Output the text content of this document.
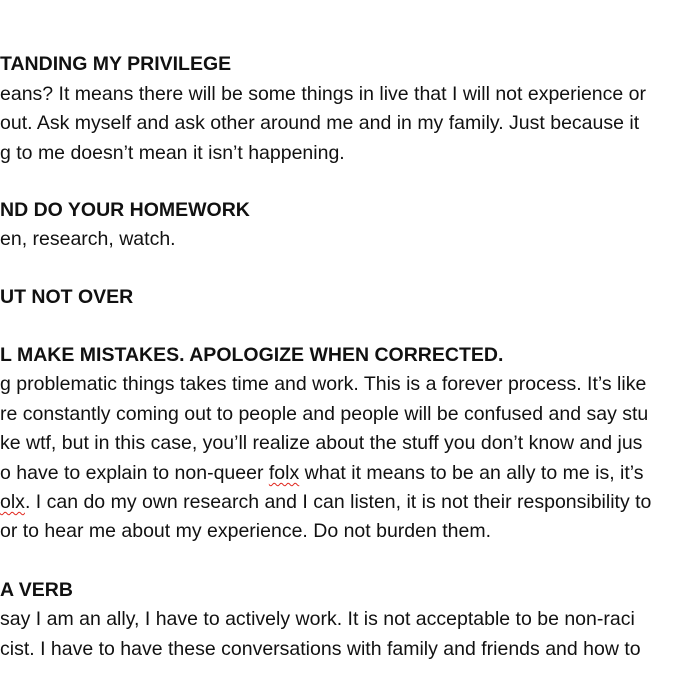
TANDING MY PRIVILEGE
eans? It means there will be some things in live that I will not experience or
out. Ask myself and ask other around me and in my family. Just because it
g to me doesn’t mean it isn’t happening.
ND DO YOUR HOMEWORK
en, research, watch.
UT NOT OVER
L MAKE MISTAKES. APOLOGIZE WHEN CORRECTED.
g problematic things takes time and work. This is a forever process. It’s like
re constantly coming out to people and people will be confused and say stu
ke wtf, but in this case, you’ll realize about the stuff you don’t know and jus
o have to explain to non-queer folx what it means to be an ally to me is, it’s
olx. I can do my own research and I can listen, it is not their responsibility to
or to hear me about my experience. Do not burden them.
A VERB
say I am an ally, I have to actively work. It is not acceptable to be non-raci
cist. I have to have these conversations with family and friends and how to
